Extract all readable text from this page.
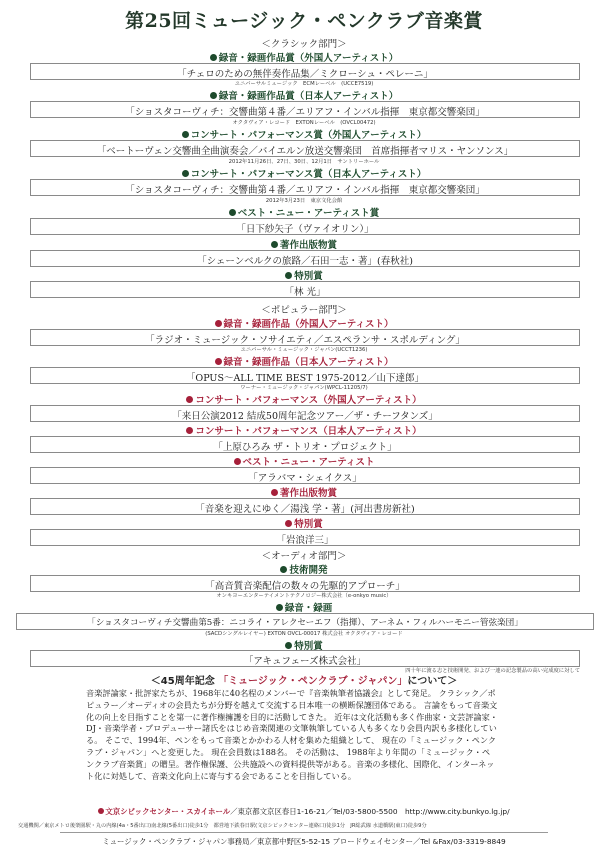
第25回ミュージック・ペンクラブ音楽賞
＜クラシック部門＞
録音・録画作品賞（外国人アーティスト）
「チェロのための無伴奏作品集／ミクローシュ・ペレーニ」
ユニバーサルミュージック　ECMレーベル　(UCCE7519)
録音・録画作品賞（日本人アーティスト）
「ショスタコーヴィチ：交響曲第４番／エリアフ・インバル指揮　東京都交響楽団」
オクタヴィア・レコード　EXTONレーベル　(OVCL00472)
コンサート・パフォーマンス賞（外国人アーティスト）
「ベートーヴェン交響曲全曲演奏会／バイエルン放送交響楽団　首席指揮者マリス・ヤンソンス」
2012年11月26日、27日、30日、12月1日　サントリーホール
コンサート・パフォーマンス賞（日本人アーティスト）
「ショスタコーヴィチ：交響曲第４番／エリアフ・インバル指揮　東京都交響楽団」
2012年3月23日　東京文化会館
ベスト・ニュー・アーティスト賞
「日下紗矢子（ヴァイオリン）」
著作出版物賞
「シェーンベルクの旅路／石田一志・著」(春秋社)
特別賞
「林 光」
＜ポピュラー部門＞
録音・録画作品（外国人アーティスト）
「ラジオ・ミュージック・ソサイエティ／エスペランサ・スポルディング」
ユニバーサル・ミュージック・ジャパン(UCCT1236)
録音・録画作品（日本人アーティスト）
「OPUS～ALL TIME BEST 1975-2012／山下達郎」
ワーナー・ミュージック・ジャパン(WPCL-11205/7)
コンサート・パフォーマンス（外国人アーティスト）
「来日公演2012 結成50周年記念ツアー／ザ・チーフタンズ」
コンサート・パフォーマンス（日本人アーティスト）
「上原ひろみ ザ・トリオ・プロジェクト」
ベスト・ニュー・アーティスト
「アラバマ・シェイクス」
著作出版物賞
「音楽を迎えにゆく／湯浅 学・著」(河出書房新社)
特別賞
「岩浪洋三」
＜オーディオ部門＞
技術開発
「高音質音楽配信の数々の先駆的アプローチ」
オンキヨーエンターテイメントテクノロジー株式会社（e-onkyo music）
録音・録画
「ショスタコーヴィチ交響曲第5番：ニコライ・アレクセーエフ（指揮）、アーネム・フィルハーモニー管弦楽団」
(SACDシングルレイヤー) EXTON OVCL-00017 株式会社 オクタヴィア・レコード
特別賞
「アキュフェーズ株式会社」
四十年に渡る志と技術開発、および一連の記念製品の高い完成度に対して
＜45周年記念 「ミュージック・ペンクラブ・ジャパン」について＞
音楽評論家・批評家たちが、1968年に40名程のメンバーで『音楽執筆者協議会』として発足。 クラシック／ポ
ピュラー／オーディオの会員たちが分野を越えて交流する日本唯一の横断保護団体である。 言論をもって音楽文
化の向上を目指すことを第一に著作権擁護を目的に活動してきた。 近年は文化活動も多く作曲家・文芸評論家・
DJ・音楽学者・プロデューサー諸氏をはじめ音楽関連の文筆執筆している人も多くなり会員内訳も多様化してい
る。 そこで、1994年、ペンをもって音楽とかかわる人材を集めた組織として、 現在の「ミュージック・ペンク
ラブ・ジャパン」へと変更した。 現在会員数は188名。 その活動は、 1988年より年間の「ミュージック・ペ
ンクラブ音楽賞」の贈呈。著作権保護、公共施設への資料提供等がある。音楽の多様化、国際化、インターネッ
ト化に対処して、音楽文化向上に寄与する会であることを目指している。
文京シビックセンター・スカイホール／東京都文京区春日1-16-21／Tel/03-5800-5500　http://www.city.bunkyo.lg.jp/
交通機関／東京メトロ後楽園駅・丸の内線(4a・5番出口)南北線(5番出口)徒歩1分　都営地下鉄春日駅(文京シビックセンター連絡口)徒歩1分　JR総武線 水道橋駅(東口)徒歩9分
ミュージック・ペンクラブ・ジャパン事務局／東京都中野区5-52-15 ブロードウェイセンター／Tel &Fax/03-3319-8849
